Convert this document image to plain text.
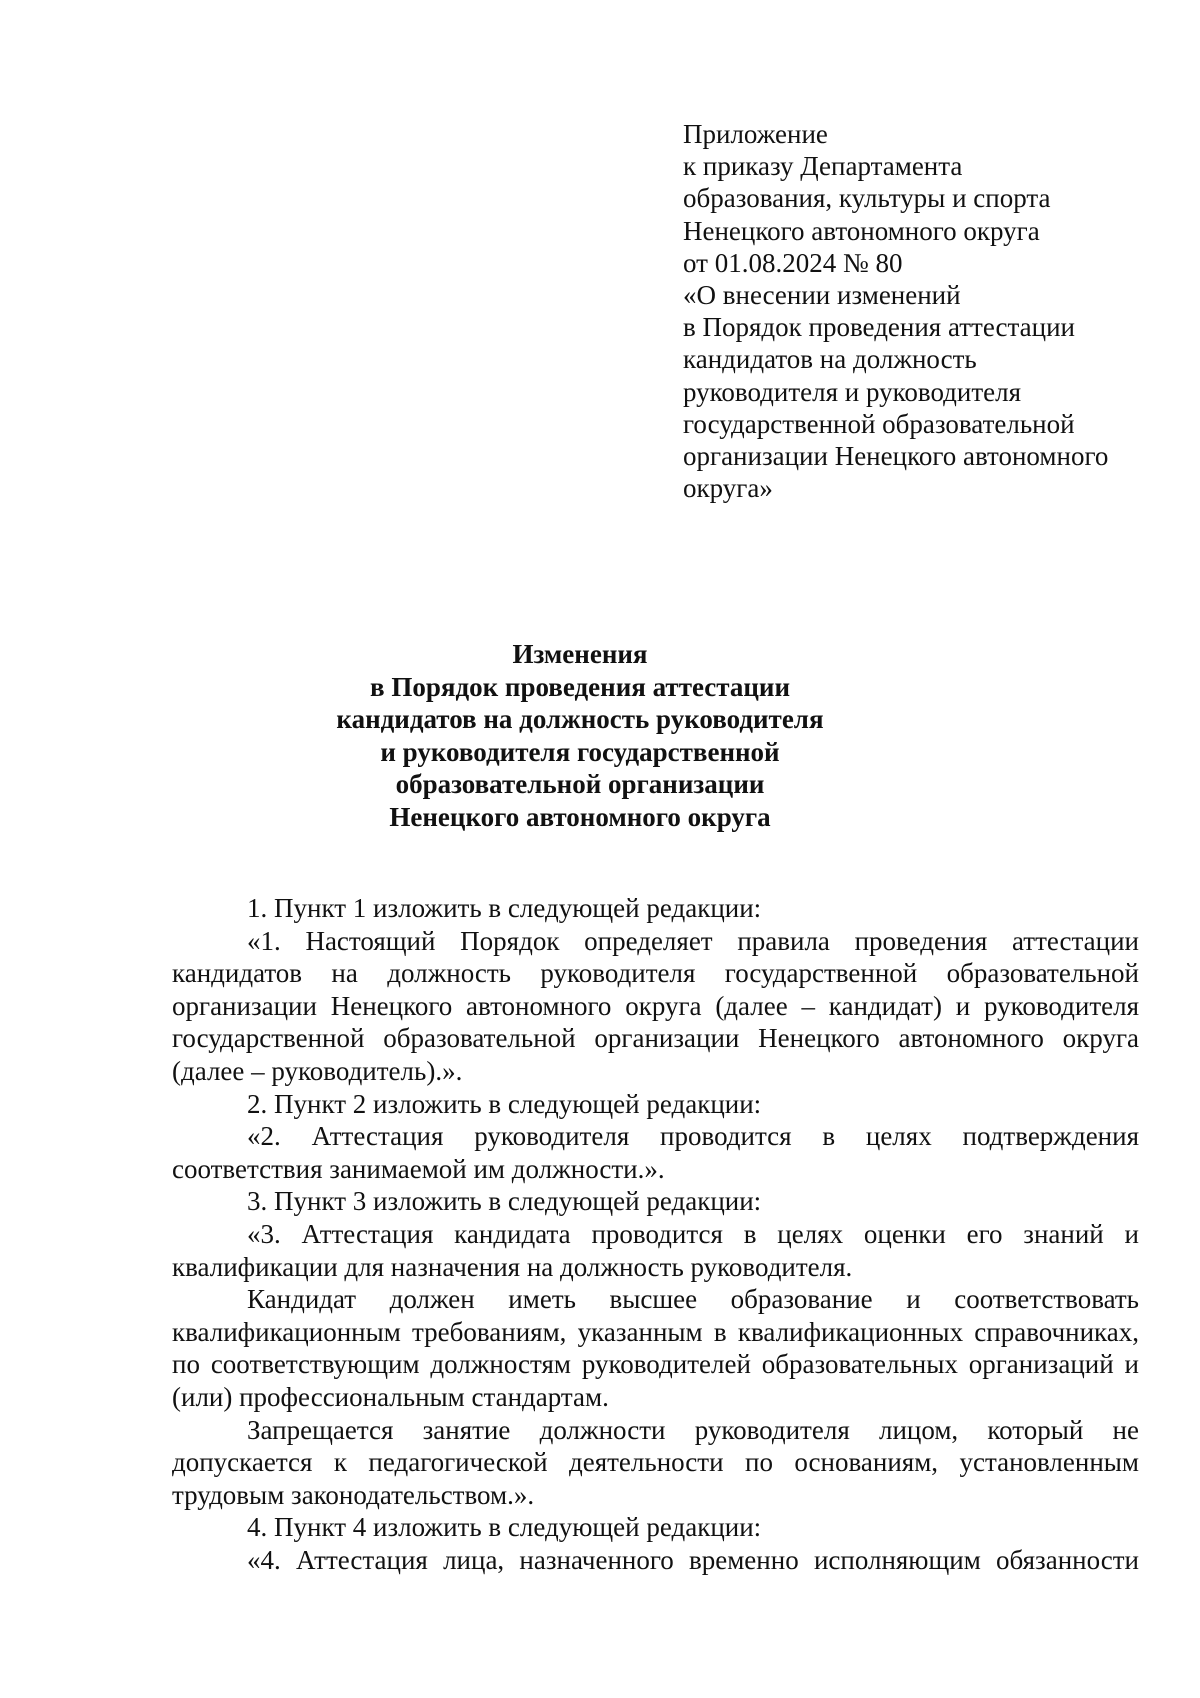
Приложение
к приказу Департамента
образования, культуры и спорта
Ненецкого автономного округа
от 01.08.2024 № 80
«О внесении изменений
в Порядок проведения аттестации
кандидатов на должность
руководителя и руководителя
государственной образовательной
организации Ненецкого автономного
округа»
Изменения
в Порядок проведения аттестации
кандидатов на должность руководителя
и руководителя государственной
образовательной организации
Ненецкого автономного округа

1. Пункт 1 изложить в следующей редакции:

«1. Настоящий Порядок определяет правила проведения аттестации кандидатов на должность руководителя государственной образовательной организации Ненецкого автономного округа (далее – кандидат) и руководителя государственной образовательной организации Ненецкого автономного округа (далее – руководитель).».

2. Пункт 2 изложить в следующей редакции:

«2. Аттестация руководителя проводится в целях подтверждения соответствия занимаемой им должности.».

3. Пункт 3 изложить в следующей редакции:

«3. Аттестация кандидата проводится в целях оценки его знаний и квалификации для назначения на должность руководителя.

Кандидат должен иметь высшее образование и соответствовать квалификационным требованиям, указанным в квалификационных справочниках, по соответствующим должностям руководителей образовательных организаций и (или) профессиональным стандартам.

Запрещается занятие должности руководителя лицом, который не допускается к педагогической деятельности по основаниям, установленным трудовым законодательством.».

4. Пункт 4 изложить в следующей редакции:

«4. Аттестация лица, назначенного временно исполняющим обязанности
